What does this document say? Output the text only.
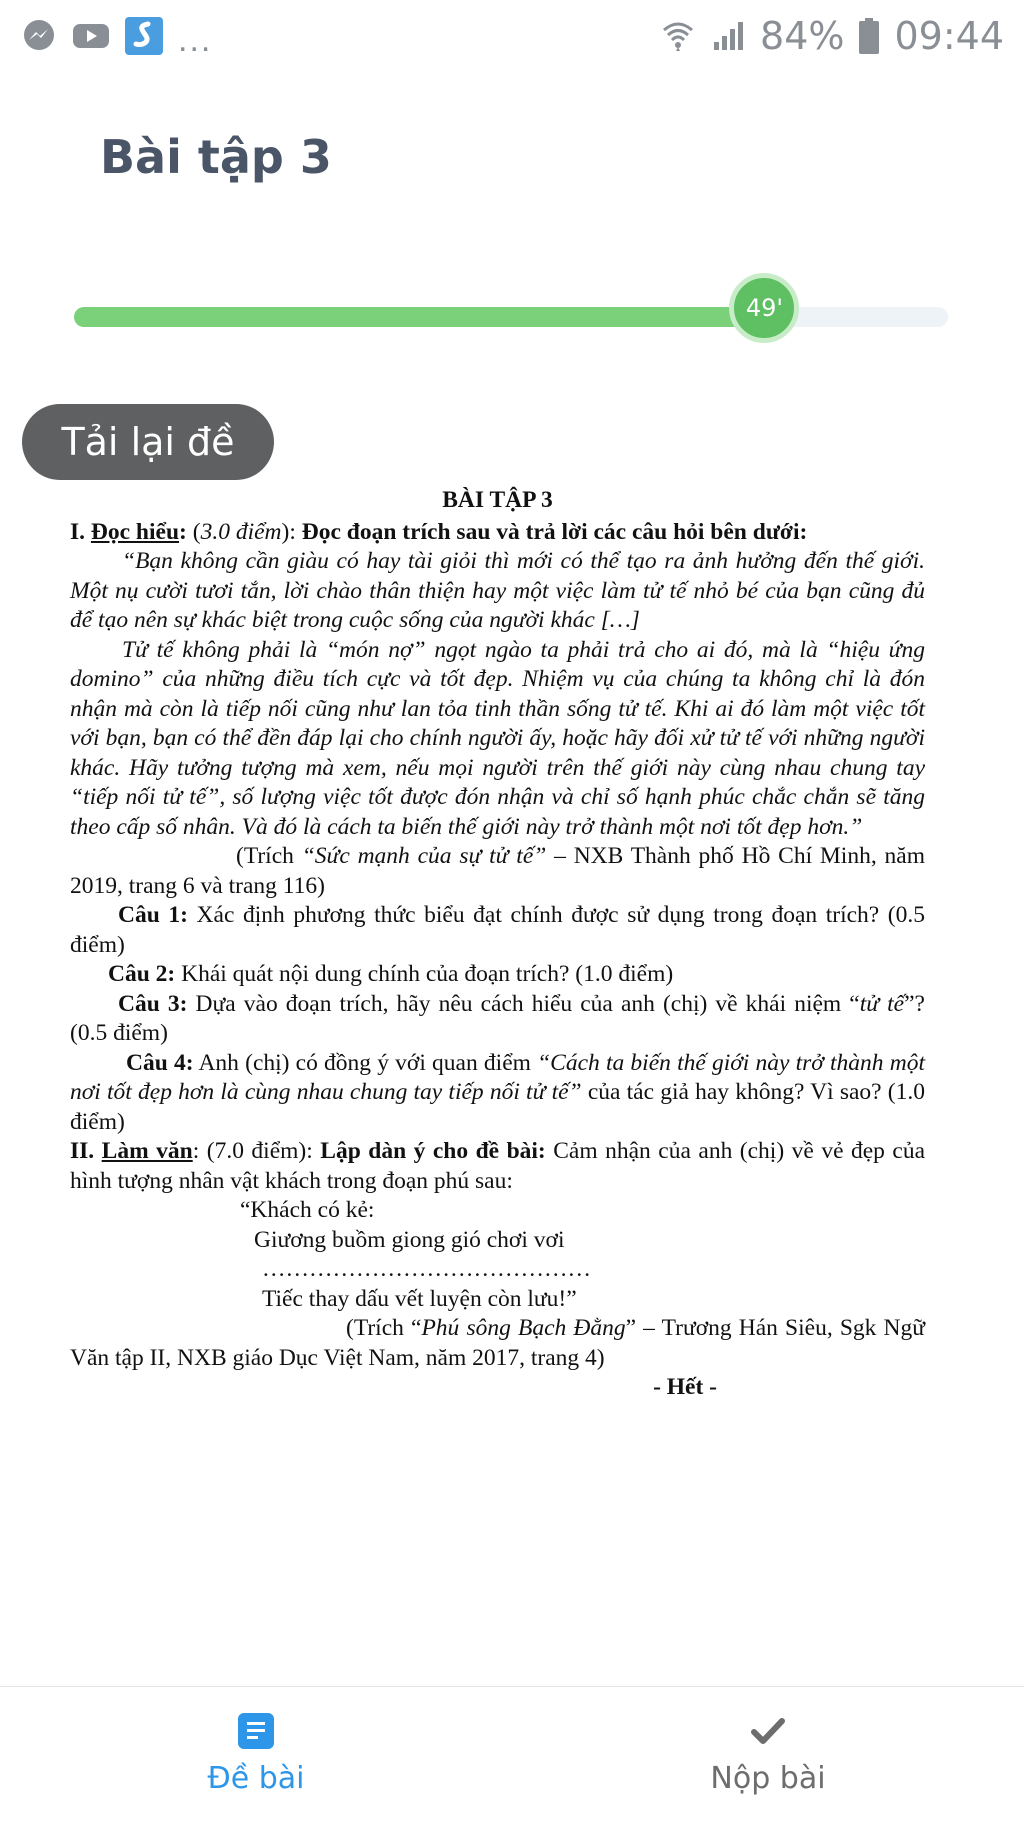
...	84% 09:44
Bài tập 3
49'
Tải lại đề

BÀI TẬP 3

I. Đọc hiểu: (3.0 điểm): Đọc đoạn trích sau và trả lời các câu hỏi bên dưới:

“Bạn không cần giàu có hay tài giỏi thì mới có thể tạo ra ảnh hưởng đến thế giới. Một nụ cười tươi tắn, lời chào thân thiện hay một việc làm tử tế nhỏ bé của bạn cũng đủ để tạo nên sự khác biệt trong cuộc sống của người khác […]

Tử tế không phải là “món nợ” ngọt ngào ta phải trả cho ai đó, mà là “hiệu ứng domino” của những điều tích cực và tốt đẹp. Nhiệm vụ của chúng ta không chỉ là đón nhận mà còn là tiếp nối cũng như lan tỏa tinh thần sống tử tế. Khi ai đó làm một việc tốt với bạn, bạn có thể đền đáp lại cho chính người ấy, hoặc hãy đối xử tử tế với những người khác. Hãy tưởng tượng mà xem, nếu mọi người trên thế giới này cùng nhau chung tay “tiếp nối tử tế”, số lượng việc tốt được đón nhận và chỉ số hạnh phúc chắc chắn sẽ tăng theo cấp số nhân. Và đó là cách ta biến thế giới này trở thành một nơi tốt đẹp hơn.”

(Trích “Sức mạnh của sự tử tế” – NXB Thành phố Hồ Chí Minh, năm 2019, trang 6 và trang 116)

Câu 1: Xác định phương thức biểu đạt chính được sử dụng trong đoạn trích? (0.5 điểm)

Câu 2: Khái quát nội dung chính của đoạn trích? (1.0 điểm)

Câu 3: Dựa vào đoạn trích, hãy nêu cách hiểu của anh (chị) về khái niệm “tử tế”? (0.5 điểm)

Câu 4: Anh (chị) có đồng ý với quan điểm “Cách ta biến thế giới này trở thành một nơi tốt đẹp hơn là cùng nhau chung tay tiếp nối tử tế” của tác giả hay không? Vì sao? (1.0 điểm)

II. Làm văn: (7.0 điểm): Lập dàn ý cho đề bài: Cảm nhận của anh (chị) về vẻ đẹp của hình tượng nhân vật khách trong đoạn phú sau:

“Khách có kẻ:

Giương buồm giong gió chơi vơi

……………………………………

Tiếc thay dấu vết luyện còn lưu!”

(Trích “Phú sông Bạch Đằng” – Trương Hán Siêu, Sgk Ngữ Văn tập II, NXB giáo Dục Việt Nam, năm 2017, trang 4)

- Hết -

Đề bài	Nộp bài
